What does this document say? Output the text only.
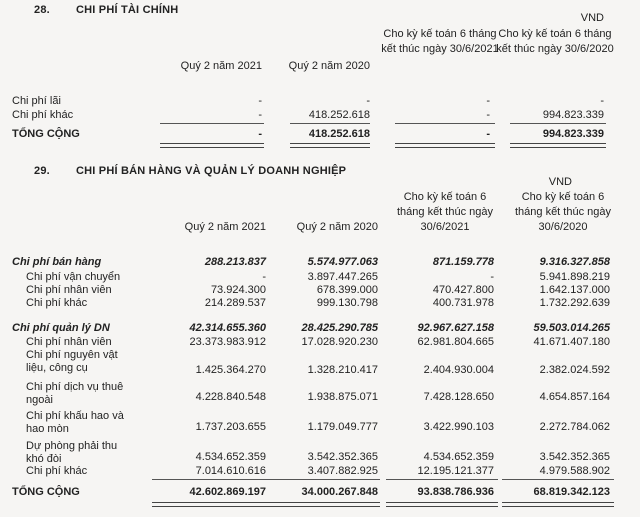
28. CHI PHÍ TÀI CHÍNH
VND
Quý 2 năm 2021 Quý 2 năm 2020
Cho kỳ kế toán 6 tháng kết thúc ngày 30/6/2021
Cho kỳ kế toán 6 tháng kết thúc ngày 30/6/2020
Chi phí lãi	-	-	-	-
Chi phí khác	-	418.252.618	-	994.823.339
TỔNG CỘNG	-	418.252.618	-	994.823.339
29. CHI PHÍ BÁN HÀNG VÀ QUẢN LÝ DOANH NGHIỆP
VND
Quý 2 năm 2021	Quý 2 năm 2020
Cho kỳ kế toán 6 tháng kết thúc ngày 30/6/2021
Cho kỳ kế toán 6 tháng kết thúc ngày 30/6/2020
Chi phí bán hàng	288.213.837	5.574.977.063	871.159.778	9.316.327.858
Chi phí vận chuyển	-	3.897.447.265	-	5.941.898.219
Chi phí nhân viên	73.924.300	678.399.000	470.427.800	1.642.137.000
Chi phí khác	214.289.537	999.130.798	400.731.978	1.732.292.639
Chi phí quản lý DN	42.314.655.360	28.425.290.785	92.967.627.158	59.503.014.265
Chi phí nhân viên	23.373.983.912	17.028.920.230	62.981.804.665	41.671.407.180
Chi phí nguyên vật
liệu, công cụ	1.425.364.270	1.328.210.417	2.404.930.004	2.382.024.592
Chi phí dịch vụ thuê
ngoài	4.228.840.548	1.938.875.071	7.428.128.650	4.654.857.164
Chi phí khấu hao và
hao mòn	1.737.203.655	1.179.049.777	3.422.990.103	2.272.784.062
Dự phòng phải thu
khó đòi	4.534.652.359	3.542.352.365	4.534.652.359	3.542.352.365
Chi phí khác	7.014.610.616	3.407.882.925	12.195.121.377	4.979.588.902
TỔNG CỘNG	42.602.869.197	34.000.267.848	93.838.786.936	68.819.342.123
